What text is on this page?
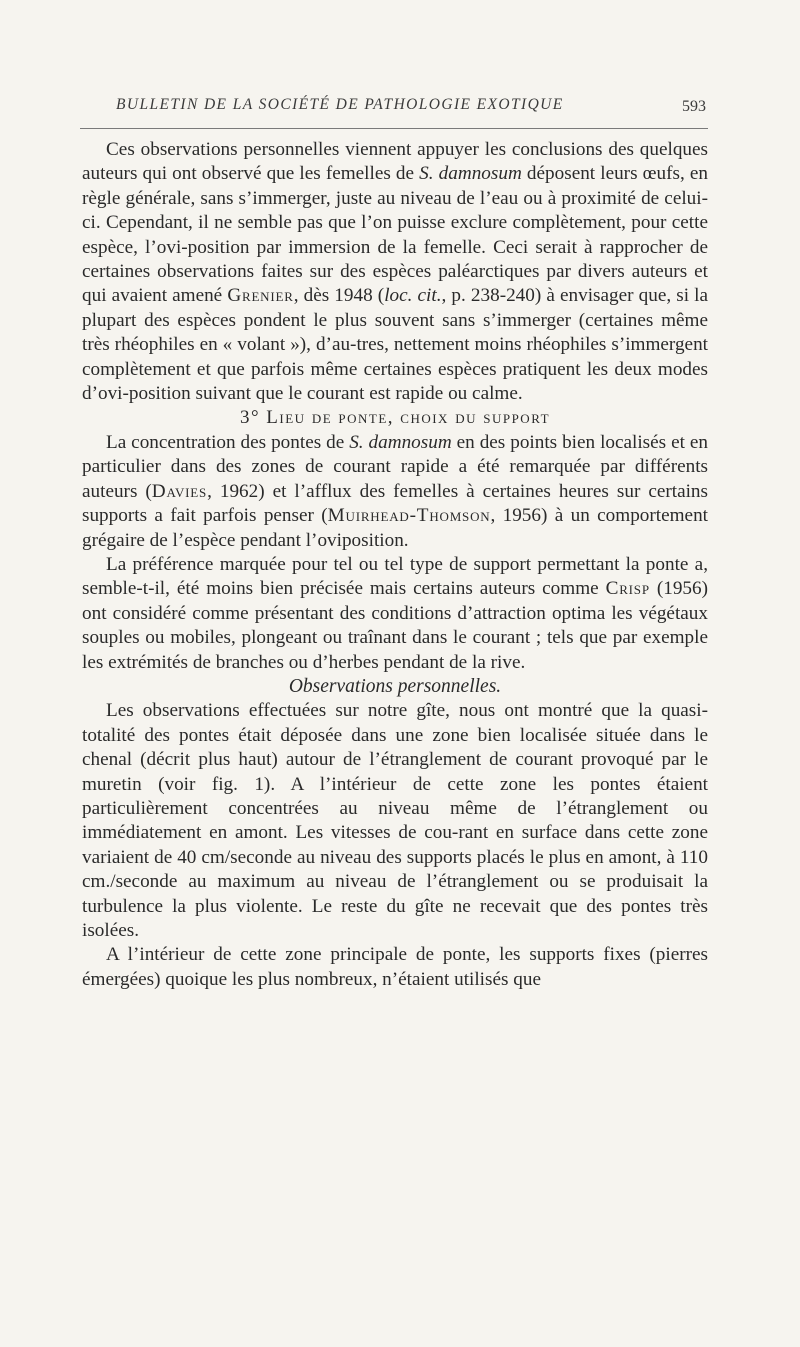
BULLETIN DE LA SOCIÉTÉ DE PATHOLOGIE EXOTIQUE	593

Ces observations personnelles viennent appuyer les conclusions des quelques auteurs qui ont observé que les femelles de S. damnosum déposent leurs œufs, en règle générale, sans s’immerger, juste au niveau de l’eau ou à proximité de celui-ci. Cependant, il ne semble pas que l’on puisse exclure complètement, pour cette espèce, l’ovi-position par immersion de la femelle. Ceci serait à rapprocher de certaines observations faites sur des espèces paléarctiques par divers auteurs et qui avaient amené Grenier, dès 1948 (loc. cit., p. 238-240) à envisager que, si la plupart des espèces pondent le plus souvent sans s’immerger (certaines même très rhéophiles en « volant »), d’au-tres, nettement moins rhéophiles s’immergent complètement et que parfois même certaines espèces pratiquent les deux modes d’ovi-position suivant que le courant est rapide ou calme.

3° Lieu de ponte, choix du support

La concentration des pontes de S. damnosum en des points bien localisés et en particulier dans des zones de courant rapide a été remarquée par différents auteurs (Davies, 1962) et l’afflux des femelles à certaines heures sur certains supports a fait parfois penser (Muirhead-Thomson, 1956) à un comportement grégaire de l’espèce pendant l’oviposition.

La préférence marquée pour tel ou tel type de support permettant la ponte a, semble-t-il, été moins bien précisée mais certains auteurs comme Crisp (1956) ont considéré comme présentant des conditions d’attraction optima les végétaux souples ou mobiles, plongeant ou traînant dans le courant ; tels que par exemple les extrémités de branches ou d’herbes pendant de la rive.

Observations personnelles.

Les observations effectuées sur notre gîte, nous ont montré que la quasi-totalité des pontes était déposée dans une zone bien localisée située dans le chenal (décrit plus haut) autour de l’étranglement de courant provoqué par le muretin (voir fig. 1). A l’intérieur de cette zone les pontes étaient particulièrement concentrées au niveau même de l’étranglement ou immédiatement en amont. Les vitesses de cou-rant en surface dans cette zone variaient de 40 cm/seconde au niveau des supports placés le plus en amont, à 110 cm./seconde au maximum au niveau de l’étranglement ou se produisait la turbulence la plus violente. Le reste du gîte ne recevait que des pontes très isolées.

A l’intérieur de cette zone principale de ponte, les supports fixes (pierres émergées) quoique les plus nombreux, n’étaient utilisés que
